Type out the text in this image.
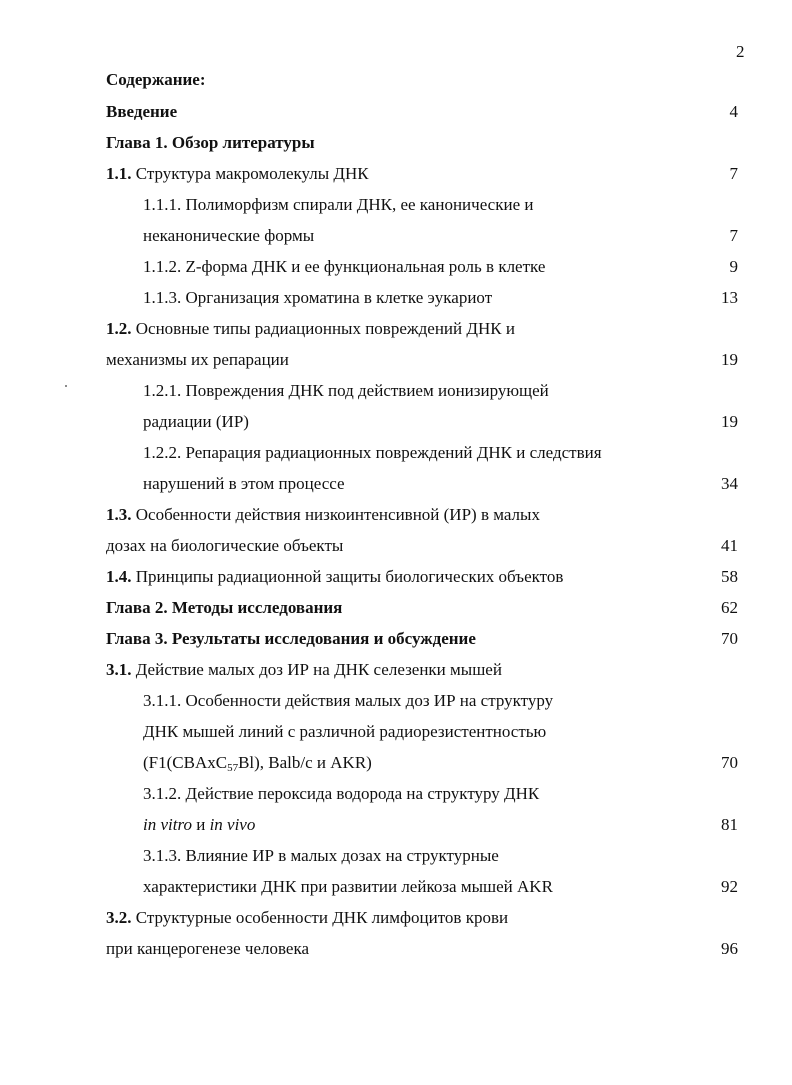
2
Содержание:
Введение	4
Глава 1. Обзор литературы
1.1. Структура макромолекулы ДНК	7
1.1.1. Полиморфизм спирали ДНК, ее канонические и
неканонические формы	7
1.1.2. Z-форма ДНК и ее функциональная роль в клетке	9
1.1.3. Организация хроматина в клетке эукариот	13
1.2. Основные типы радиационных повреждений ДНК и
механизмы их репарации	19
1.2.1. Повреждения ДНК под действием ионизирующей
радиации (ИР)	19
1.2.2. Репарация радиационных повреждений ДНК и следствия
нарушений в этом процессе	34
1.3. Особенности действия низкоинтенсивной (ИР) в малых
дозах на биологические объекты	41
1.4. Принципы радиационной защиты биологических объектов	58
Глава 2. Методы исследования	62
Глава 3. Результаты исследования и обсуждение	70
3.1. Действие малых доз ИР на ДНК селезенки мышей
3.1.1. Особенности действия малых доз ИР на структуру
ДНК мышей линий с различной радиорезистентностью
(F1(CBAxC$_{57}$Bl), Balb/c и AKR)	70
3.1.2. Действие пероксида водорода на структуру ДНК
in vitro и in vivo	81
3.1.3. Влияние ИР в малых дозах на структурные
характеристики ДНК при развитии лейкоза мышей AKR	92
3.2. Структурные особенности ДНК лимфоцитов крови
при канцерогенезе человека	96
